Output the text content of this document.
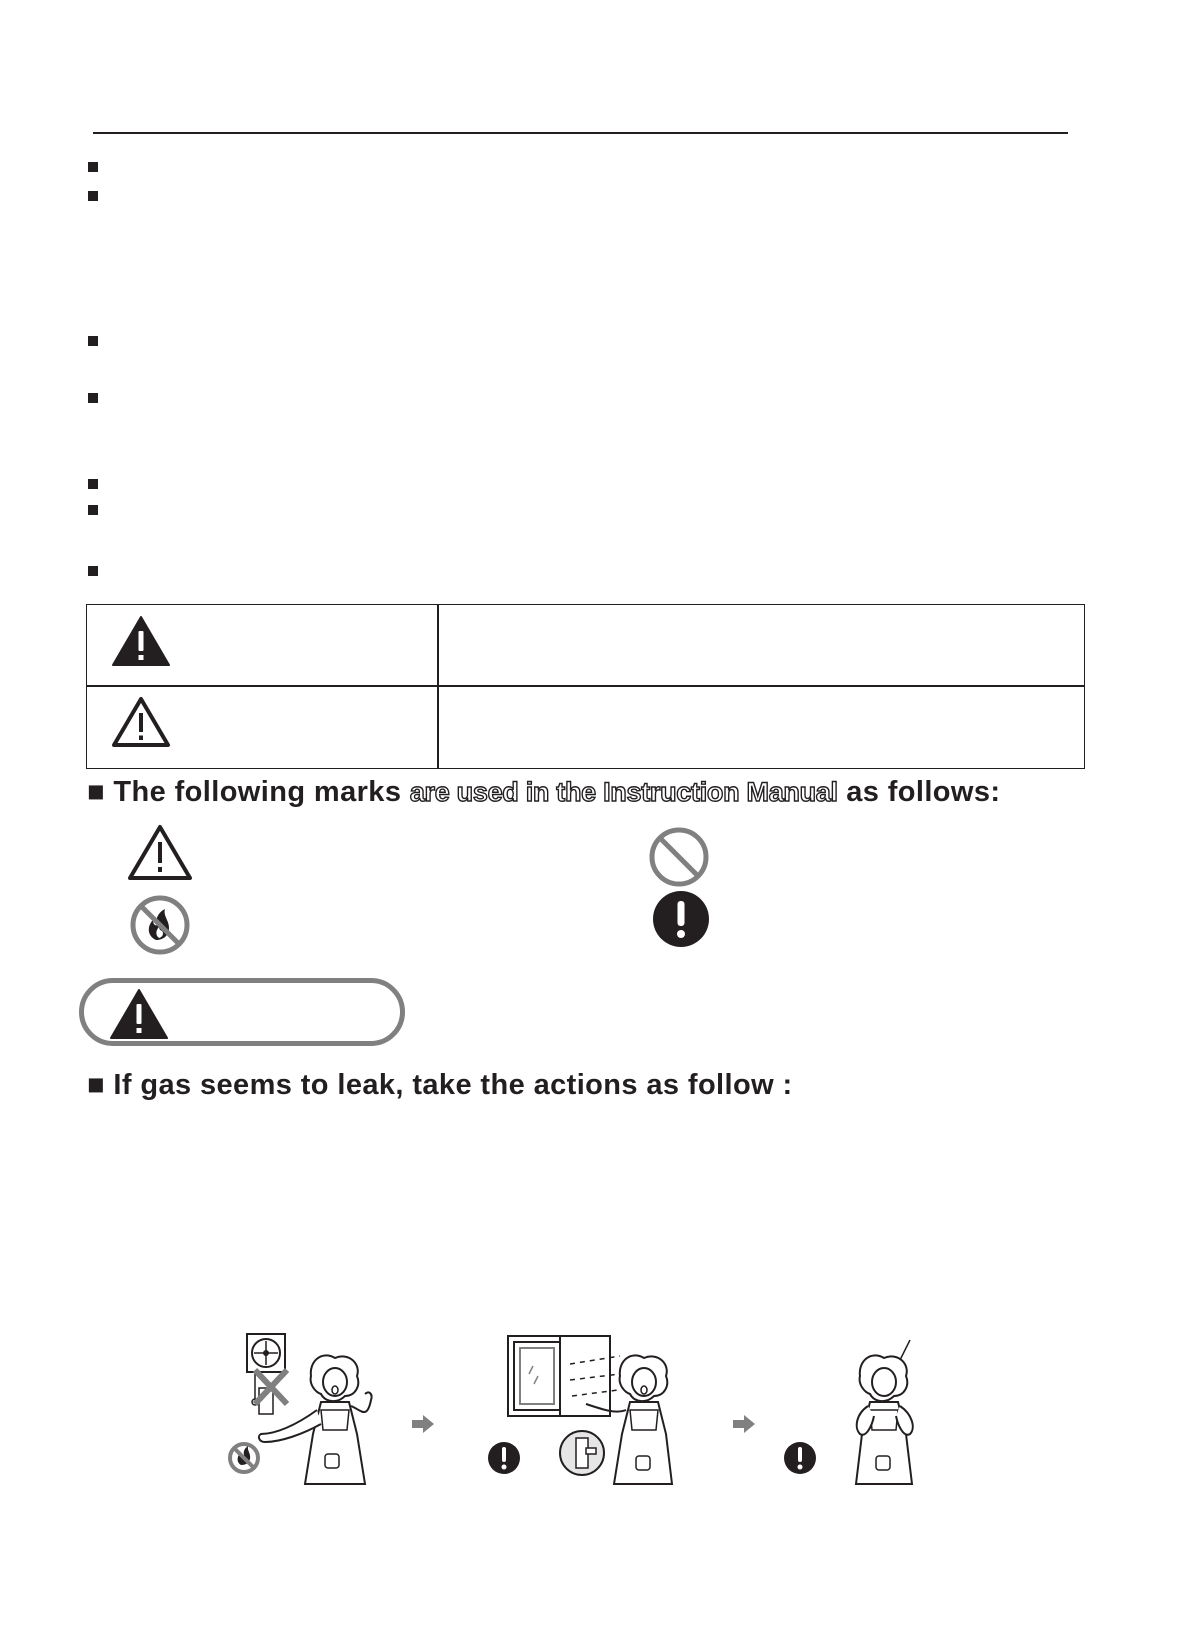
■ The following marks are used in the Instruction Manual as follows:
■ If gas seems to leak, take the actions as follow :
